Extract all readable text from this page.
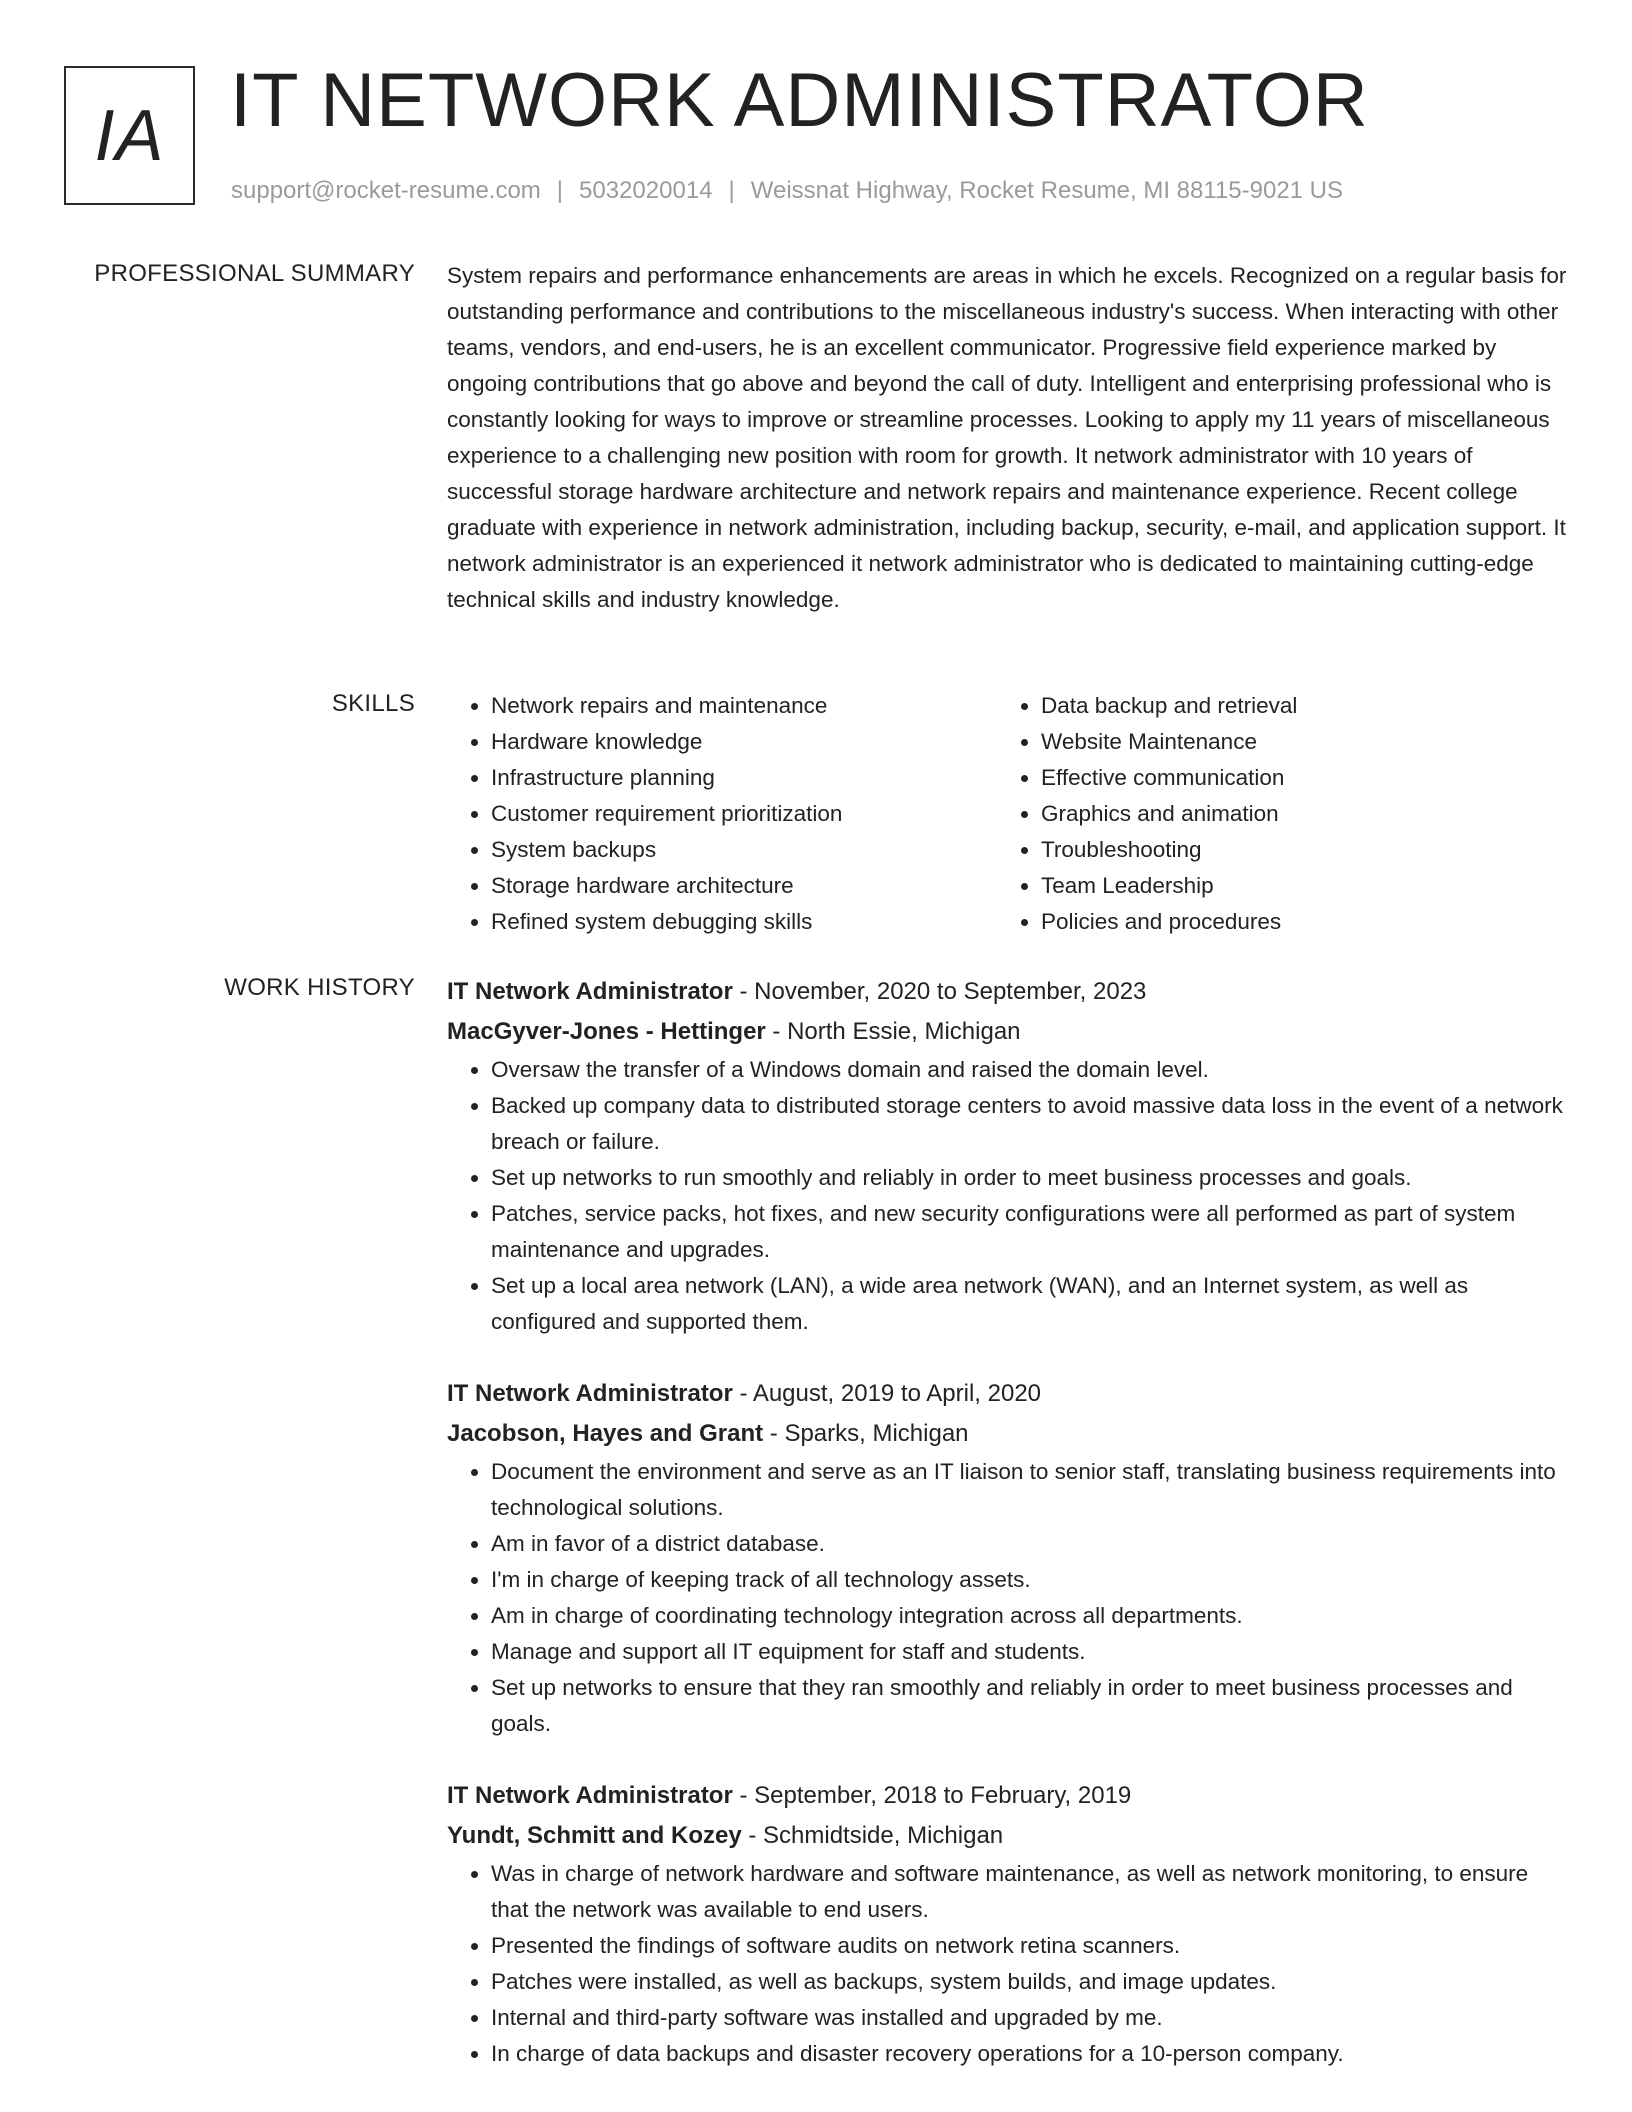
IA IT NETWORK ADMINISTRATOR
support@rocket-resume.com | 5032020014 | Weissnat Highway, Rocket Resume, MI 88115-9021 US
PROFESSIONAL SUMMARY System repairs and performance enhancements are areas in which he excels. Recognized on a regular basis for outstanding performance and contributions to the miscellaneous industry's success. When interacting with other teams, vendors, and end-users, he is an excellent communicator. Progressive field experience marked by ongoing contributions that go above and beyond the call of duty. Intelligent and enterprising professional who is constantly looking for ways to improve or streamline processes. Looking to apply my 11 years of miscellaneous experience to a challenging new position with room for growth. It network administrator with 10 years of successful storage hardware architecture and network repairs and maintenance experience. Recent college graduate with experience in network administration, including backup, security, e-mail, and application support. It network administrator is an experienced it network administrator who is dedicated to maintaining cutting-edge technical skills and industry knowledge.

SKILLS
•	Network repairs and maintenance
• Hardware knowledge
• Infrastructure planning
• Customer requirement prioritization
• System backups
• Storage hardware architecture
• Refined system debugging skills
• Data backup and retrieval
• Website Maintenance
• Effective communication
• Graphics and animation
• Troubleshooting
• Team Leadership
• Policies and procedures
WORK HISTORY IT Network Administrator - November, 2020 to September, 2023
MacGyver-Jones - Hettinger - North Essie, Michigan
• Oversaw the transfer of a Windows domain and raised the domain level.
• Backed up company data to distributed storage centers to avoid massive data loss in the event of a network breach or failure.
• Set up networks to run smoothly and reliably in order to meet business processes and goals.
• Patches, service packs, hot fixes, and new security configurations were all performed as part of system maintenance and upgrades.
• Set up a local area network (LAN), a wide area network (WAN), and an Internet system, as well as configured and supported them.
IT Network Administrator - August, 2019 to April, 2020
Jacobson, Hayes and Grant - Sparks, Michigan
• Document the environment and serve as an IT liaison to senior staff, translating business requirements into technological solutions.
• Am in favor of a district database.
• I'm in charge of keeping track of all technology assets.
• Am in charge of coordinating technology integration across all departments.
• Manage and support all IT equipment for staff and students.
• Set up networks to ensure that they ran smoothly and reliably in order to meet business processes and goals.
IT Network Administrator - September, 2018 to February, 2019
Yundt, Schmitt and Kozey - Schmidtside, Michigan
• Was in charge of network hardware and software maintenance, as well as network monitoring, to ensure that the network was available to end users.
• Presented the findings of software audits on network retina scanners.
• Patches were installed, as well as backups, system builds, and image updates.
• Internal and third-party software was installed and upgraded by me.
• In charge of data backups and disaster recovery operations for a 10-person company.
